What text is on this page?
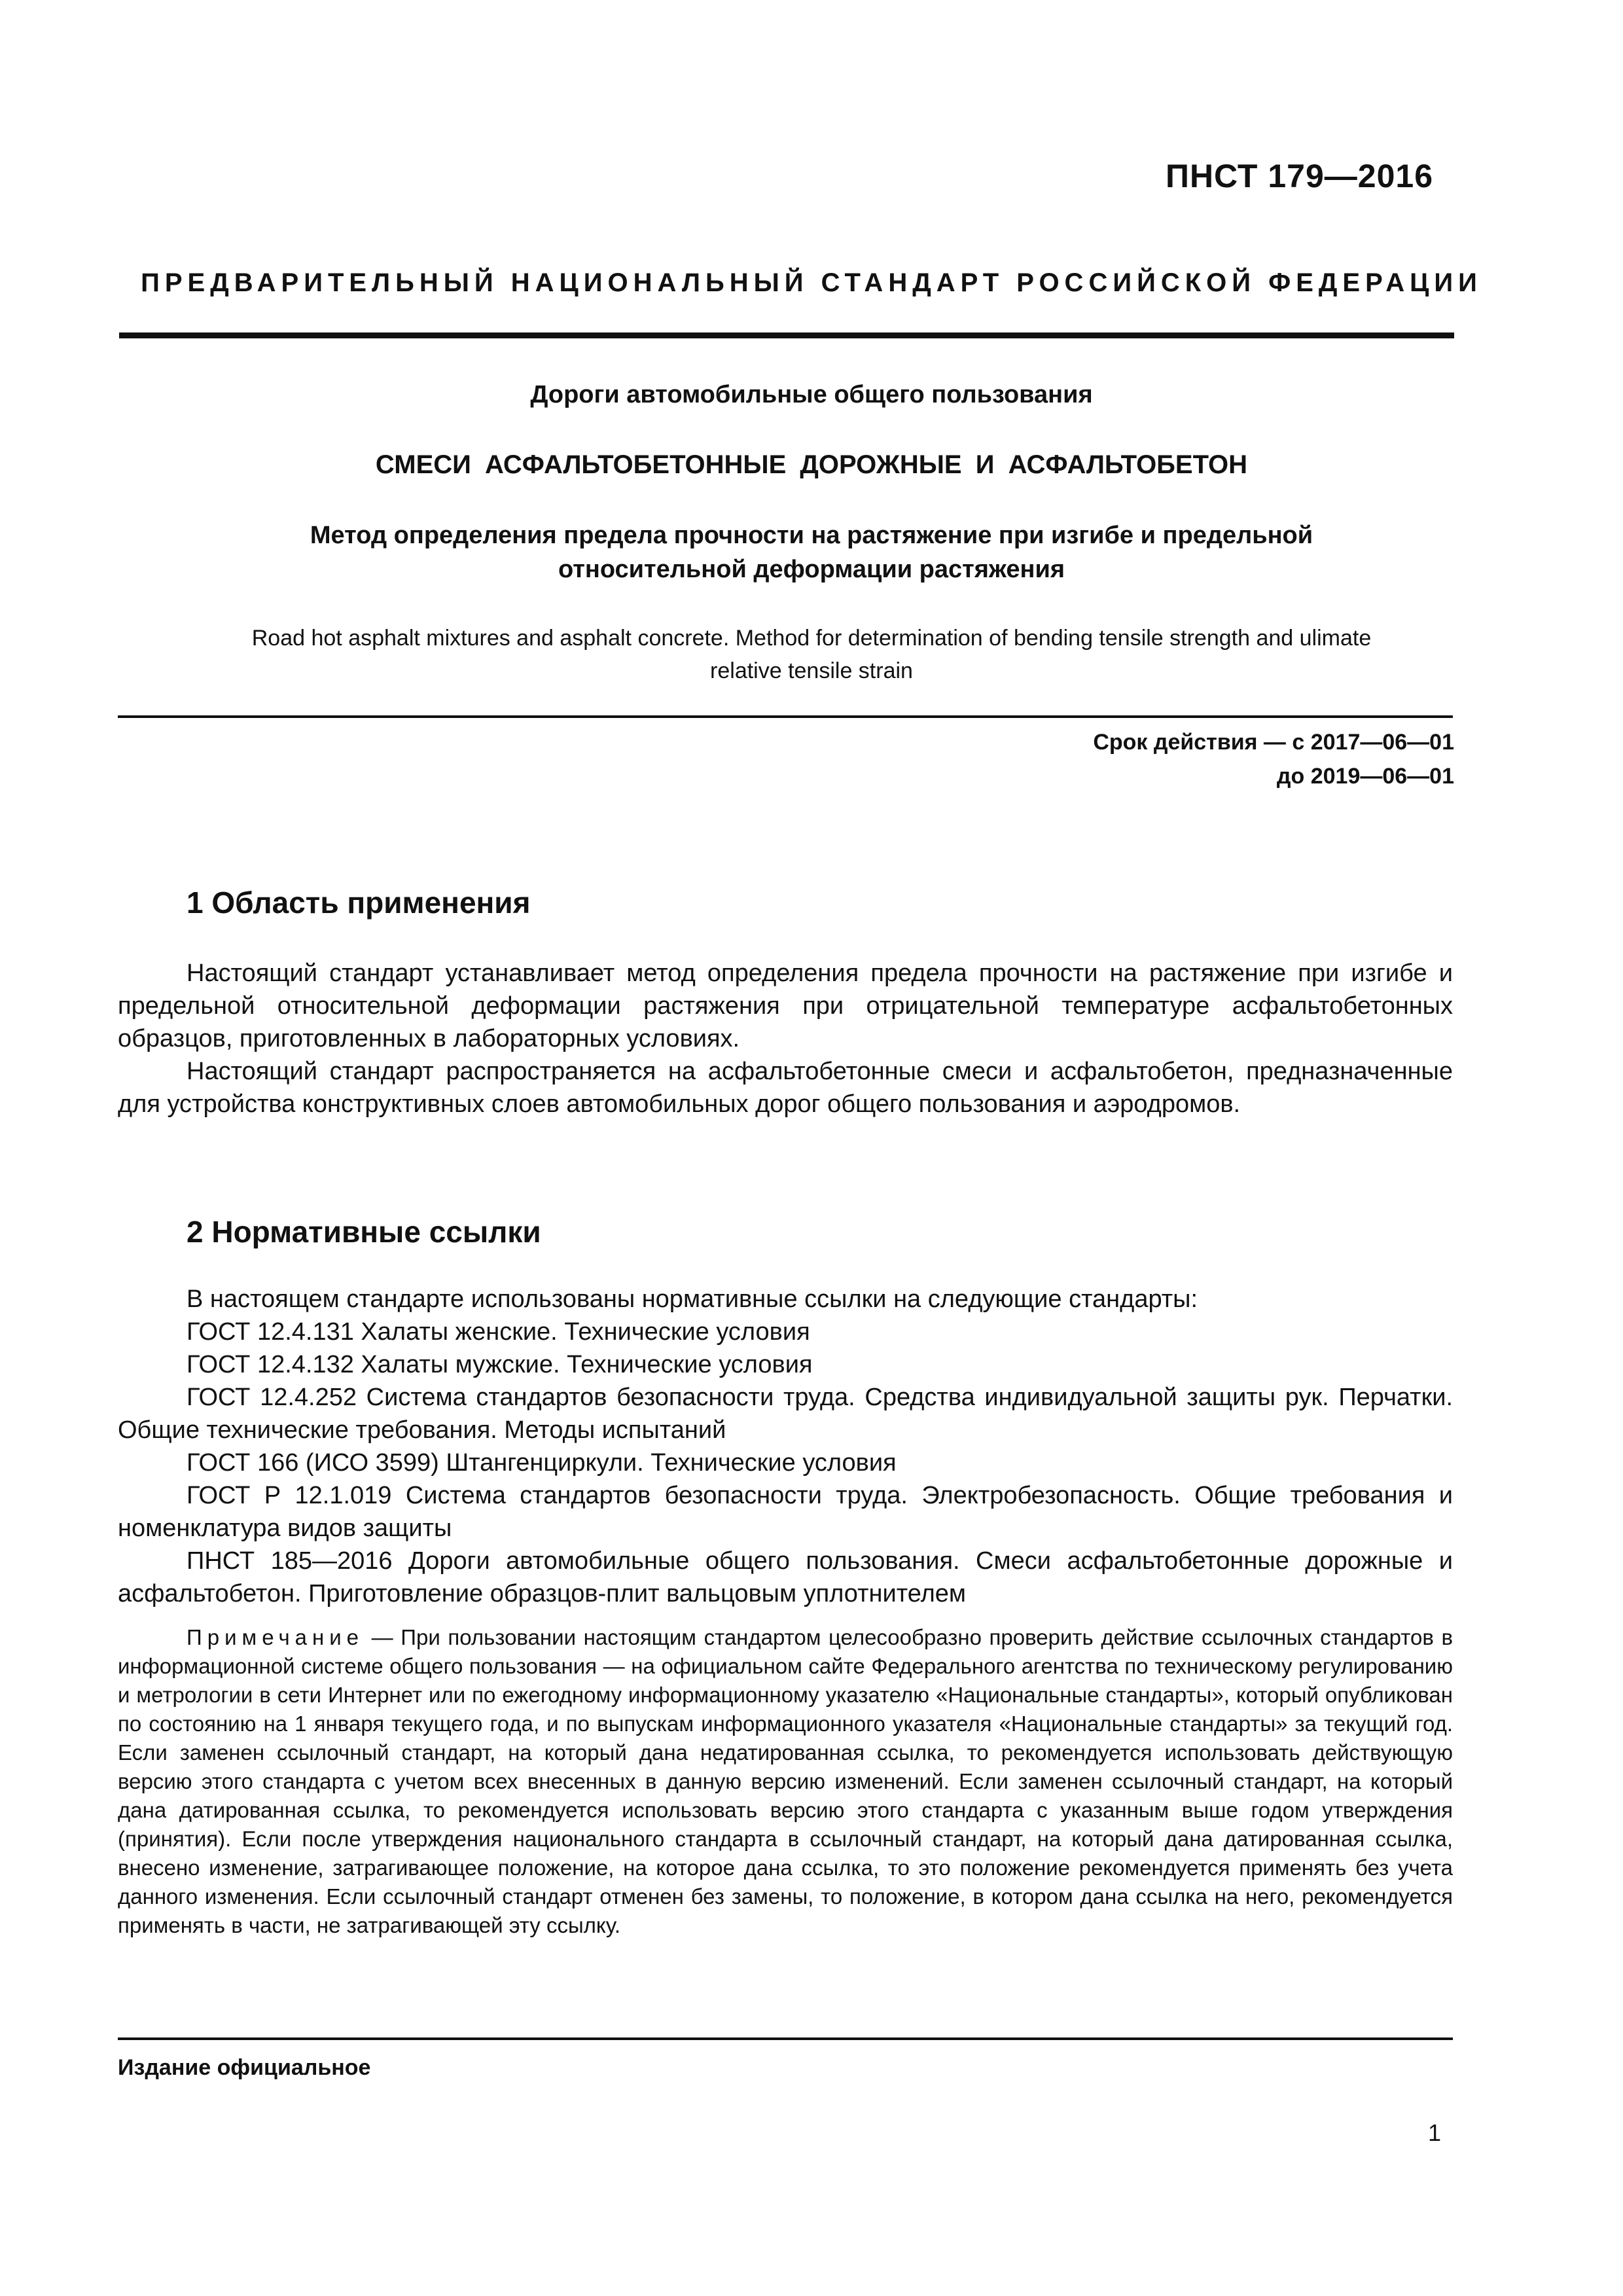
ПНСТ 179—2016
ПРЕДВАРИТЕЛЬНЫЙ НАЦИОНАЛЬНЫЙ СТАНДАРТ РОССИЙСКОЙ ФЕДЕРАЦИИ
Дороги автомобильные общего пользования
СМЕСИ АСФАЛЬТОБЕТОННЫЕ ДОРОЖНЫЕ И АСФАЛЬТОБЕТОН
Метод определения предела прочности на растяжение при изгибе и предельной
относительной деформации растяжения
Road hot asphalt mixtures and asphalt concrete. Method for determination of bending tensile strength and ulimate
relative tensile strain
Срок действия — с 2017—06—01
до 2019—06—01
1 Область применения

Настоящий стандарт устанавливает метод определения предела прочности на растяжение при изгибе и предельной относительной деформации растяжения при отрицательной температуре асфальтобетонных образцов, приготовленных в лабораторных условиях.

Настоящий стандарт распространяется на асфальтобетонные смеси и асфальтобетон, предназначенные для устройства конструктивных слоев автомобильных дорог общего пользования и аэродромов.

2 Нормативные ссылки

В настоящем стандарте использованы нормативные ссылки на следующие стандарты:

ГОСТ 12.4.131 Халаты женские. Технические условия

ГОСТ 12.4.132 Халаты мужские. Технические условия

ГОСТ 12.4.252 Система стандартов безопасности труда. Средства индивидуальной защиты рук. Перчатки. Общие технические требования. Методы испытаний

ГОСТ 166 (ИСО 3599) Штангенциркули. Технические условия

ГОСТ Р 12.1.019 Система стандартов безопасности труда. Электробезопасность. Общие требования и номенклатура видов защиты

ПНСТ 185—2016 Дороги автомобильные общего пользования. Смеси асфальтобетонные дорожные и асфальтобетон. Приготовление образцов-плит вальцовым уплотнителем

Примечание — При пользовании настоящим стандартом целесообразно проверить действие ссылочных стандартов в информационной системе общего пользования — на официальном сайте Федерального агентства по техническому регулированию и метрологии в сети Интернет или по ежегодному информационному указателю «Национальные стандарты», который опубликован по состоянию на 1 января текущего года, и по выпускам информационного указателя «Национальные стандарты» за текущий год. Если заменен ссылочный стандарт, на который дана недатированная ссылка, то рекомендуется использовать действующую версию этого стандарта с учетом всех внесенных в данную версию изменений. Если заменен ссылочный стандарт, на который дана датированная ссылка, то рекомендуется использовать версию этого стандарта с указанным выше годом утверждения (принятия). Если после утверждения национального стандарта в ссылочный стандарт, на который дана датированная ссылка, внесено изменение, затрагивающее положение, на которое дана ссылка, то это положение рекомендуется применять без учета данного изменения. Если ссылочный стандарт отменен без замены, то положение, в котором дана ссылка на него, рекомендуется применять в части, не затрагивающей эту ссылку.
Издание официальное
1
